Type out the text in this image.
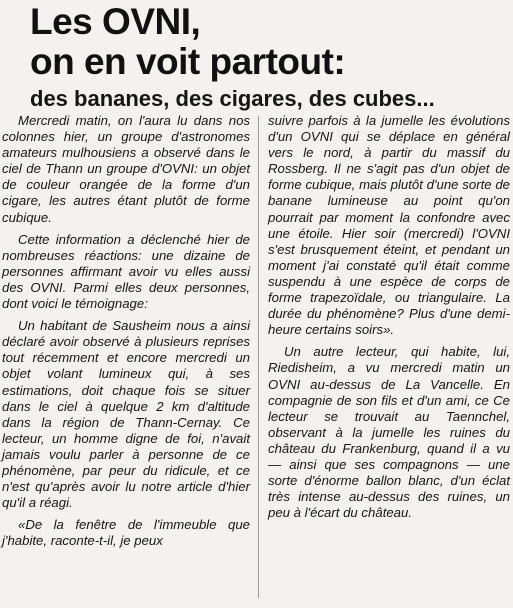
Les OVNI,
on en voit partout:
des bananes, des cigares, des cubes...

Mercredi matin, on l'aura lu dans nos colonnes hier, un groupe d'astronomes amateurs mulhousiens a observé dans le ciel de Thann un groupe d'OVNI: un objet de couleur orangée de la forme d'un cigare, les autres étant plutôt de forme cubique.

Cette information a déclenché hier de nombreuses réactions: une dizaine de personnes affirmant avoir vu elles aussi des OVNI. Parmi elles deux personnes, dont voici le témoignage:

Un habitant de Sausheim nous a ainsi déclaré avoir observé à plusieurs reprises tout récemment et encore mercredi un objet volant lumineux qui, à ses estimations, doit chaque fois se situer dans le ciel à quelque 2 km d'altitude dans la région de Thann-Cernay. Ce lecteur, un homme digne de foi, n'avait jamais voulu parler à personne de ce phénomène, par peur du ridicule, et ce n'est qu'après avoir lu notre article d'hier qu'il a réagi.

«De la fenêtre de l'immeuble que j'habite, raconte-t-il, je peux

suivre parfois à la jumelle les évolutions d'un OVNI qui se déplace en général vers le nord, à partir du massif du Rossberg. Il ne s'agit pas d'un objet de forme cubique, mais plutôt d'une sorte de banane lumineuse au point qu'on pourrait par moment la confondre avec une étoile. Hier soir (mercredi) l'OVNI s'est brusquement éteint, et pendant un moment j'ai constaté qu'il était comme suspendu à une espèce de corps de forme trapezoïdale, ou triangulaire. La durée du phénomène? Plus d'une demi-heure certains soirs».

Un autre lecteur, qui habite, lui, Riedisheim, a vu mercredi matin un OVNI au-dessus de La Vancelle. En compagnie de son fils et d'un ami, ce Ce lecteur se trouvait au Taennchel, observant à la jumelle les ruines du château du Frankenburg, quand il a vu — ainsi que ses compagnons — une sorte d'énorme ballon blanc, d'un éclat très intense au-dessus des ruines, un peu à l'écart du château.
